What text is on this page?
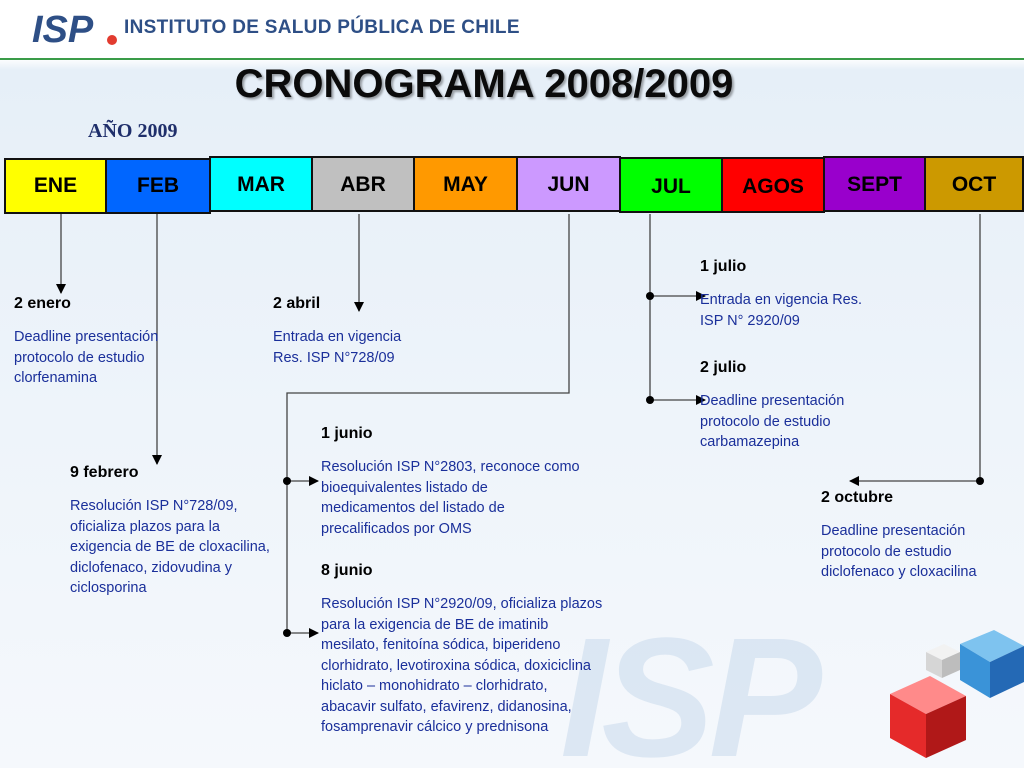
ISP
ISP INSTITUTO DE SALUD PÚBLICA DE CHILE
CRONOGRAMA 2008/2009
AÑO 2009
ENE	FEB	MAR	ABR	MAY	JUN	JUL AGOS SEPT OCT
2 enero
Deadline presentación protocolo de estudio clorfenamina
9 febrero
Resolución ISP N°728/09, oficializa plazos para la exigencia de BE de cloxacilina, diclofenaco, zidovudina y ciclosporina
2 abril
Entrada en vigencia Res. ISP N°728/09
1 junio
Resolución ISP N°2803, reconoce como bioequivalentes listado de medicamentos del listado de precalificados por OMS
8 junio
Resolución ISP N°2920/09, oficializa plazos para la exigencia de BE de imatinib mesilato, fenitoína sódica, biperideno clorhidrato, levotiroxina sódica, doxiciclina hiclato – monohidrato – clorhidrato, abacavir sulfato, efavirenz, didanosina, fosamprenavir cálcico y prednisona
1 julio
Entrada en vigencia Res. ISP N° 2920/09
2 julio
Deadline presentación protocolo de estudio carbamazepina
2 octubre
Deadline presentación protocolo de estudio diclofenaco y cloxacilina
